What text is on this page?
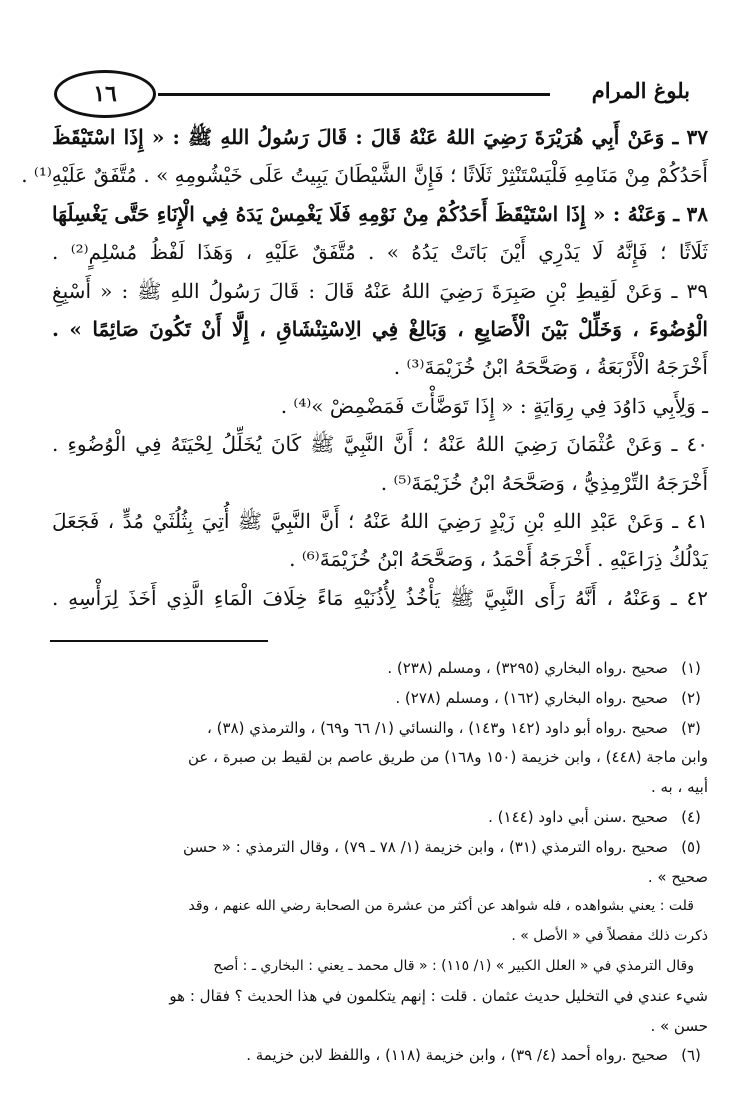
بلوغ المرام
١٦
٣٧ ـ وَعَنْ أَبِي هُرَيْرَةَ رَضِيَ اللهُ عَنْهُ قَالَ : قَالَ رَسُولُ اللهِ ﷺ : « إِذَا اسْتَيْقَظَ
أَحَدُكُمْ مِنْ مَنَامِهِ فَلْيَسْتَنْثِرْ ثَلَاثًا ؛ فَإِنَّ الشَّيْطَانَ يَبِيتُ عَلَى خَيْشُومِهِ » . مُتَّفَقٌ عَلَيْهِ⁽¹⁾ .
٣٨ ـ وَعَنْهُ : « إِذَا اسْتَيْقَظَ أَحَدُكُمْ مِنْ نَوْمِهِ فَلَا يَغْمِسْ يَدَهُ فِي الْإِنَاءِ حَتَّى يَغْسِلَهَا
ثَلَاثًا ؛ فَإِنَّهُ لَا يَدْرِي أَيْنَ بَاتَتْ يَدُهُ » . مُتَّفَقٌ عَلَيْهِ ، وَهَذَا لَفْظُ مُسْلِمٍ⁽²⁾ .
٣٩ ـ وَعَنْ لَقِيطِ بْنِ صَبِرَةَ رَضِيَ اللهُ عَنْهُ قَالَ : قَالَ رَسُولُ اللهِ ﷺ : « أَسْبِغِ
الْوُضُوءَ ، وَخَلِّلْ بَيْنَ الْأَصَابِعِ ، وَبَالِغْ فِي الِاسْتِنْشَاقِ ، إِلَّا أَنْ تَكُونَ صَائِمًا » .
أَخْرَجَهُ الْأَرْبَعَةُ ، وَصَحَّحَهُ ابْنُ خُزَيْمَةَ⁽³⁾ .
ـ وَلِأَبِي دَاوُدَ فِي رِوَايَةٍ : « إِذَا تَوَضَّأْتَ فَمَضْمِضْ »⁽⁴⁾ .
٤٠ ـ وَعَنْ عُثْمَانَ رَضِيَ اللهُ عَنْهُ ؛ أَنَّ النَّبِيَّ ﷺ كَانَ يُخَلِّلُ لِحْيَتَهُ فِي الْوُضُوءِ .
أَخْرَجَهُ التِّرْمِذِيُّ ، وَصَحَّحَهُ ابْنُ خُزَيْمَةَ⁽⁵⁾ .
٤١ ـ وَعَنْ عَبْدِ اللهِ بْنِ زَيْدٍ رَضِيَ اللهُ عَنْهُ ؛ أَنَّ النَّبِيَّ ﷺ أُتِيَ بِثُلُثَيْ مُدٍّ ، فَجَعَلَ
يَدْلُكُ ذِرَاعَيْهِ . أَخْرَجَهُ أَحْمَدُ ، وَصَحَّحَهُ ابْنُ خُزَيْمَةَ⁽⁶⁾ .
٤٢ ـ وَعَنْهُ ، أَنَّهُ رَأَى النَّبِيَّ ﷺ يَأْخُذُ لِأُذُنَيْهِ مَاءً خِلَافَ الْمَاءِ الَّذِي أَخَذَ لِرَأْسِهِ .
(١)
صحيح .
رواه البخاري (٣٢٩٥) ، ومسلم (٢٣٨) .
(٢)
صحيح .
رواه البخاري (١٦٢) ، ومسلم (٢٧٨) .
(٣)
صحيح .
رواه أبو داود (١٤٢ و١٤٣) ، والنسائي (١/ ٦٦ و٦٩) ، والترمذي (٣٨) ،
وابن ماجة (٤٤٨) ، وابن خزيمة (١٥٠ و١٦٨) من طريق عاصم بن لقيط بن صبرة ، عن
أبيه ، به .
(٤)
صحيح .
سنن أبي داود (١٤٤) .
(٥)
صحيح .
رواه الترمذي (٣١) ، وابن خزيمة (١/ ٧٨ ـ ٧٩) ، وقال الترمذي : « حسن
صحيح » .
قلت : يعني بشواهده ، فله شواهد عن أكثر من عشرة من الصحابة رضي الله عنهم ، وقد
ذكرت ذلك مفصلاً في « الأصل » .
وقال الترمذي في « العلل الكبير » (١/ ١١٥) : « قال محمد ـ يعني : البخاري ـ : أصح
شيء عندي في التخليل حديث عثمان . قلت : إنهم يتكلمون في هذا الحديث ؟ فقال : هو
حسن » .
(٦)
صحيح .
رواه أحمد (٤/ ٣٩) ، وابن خزيمة (١١٨) ، واللفظ لابن خزيمة .
